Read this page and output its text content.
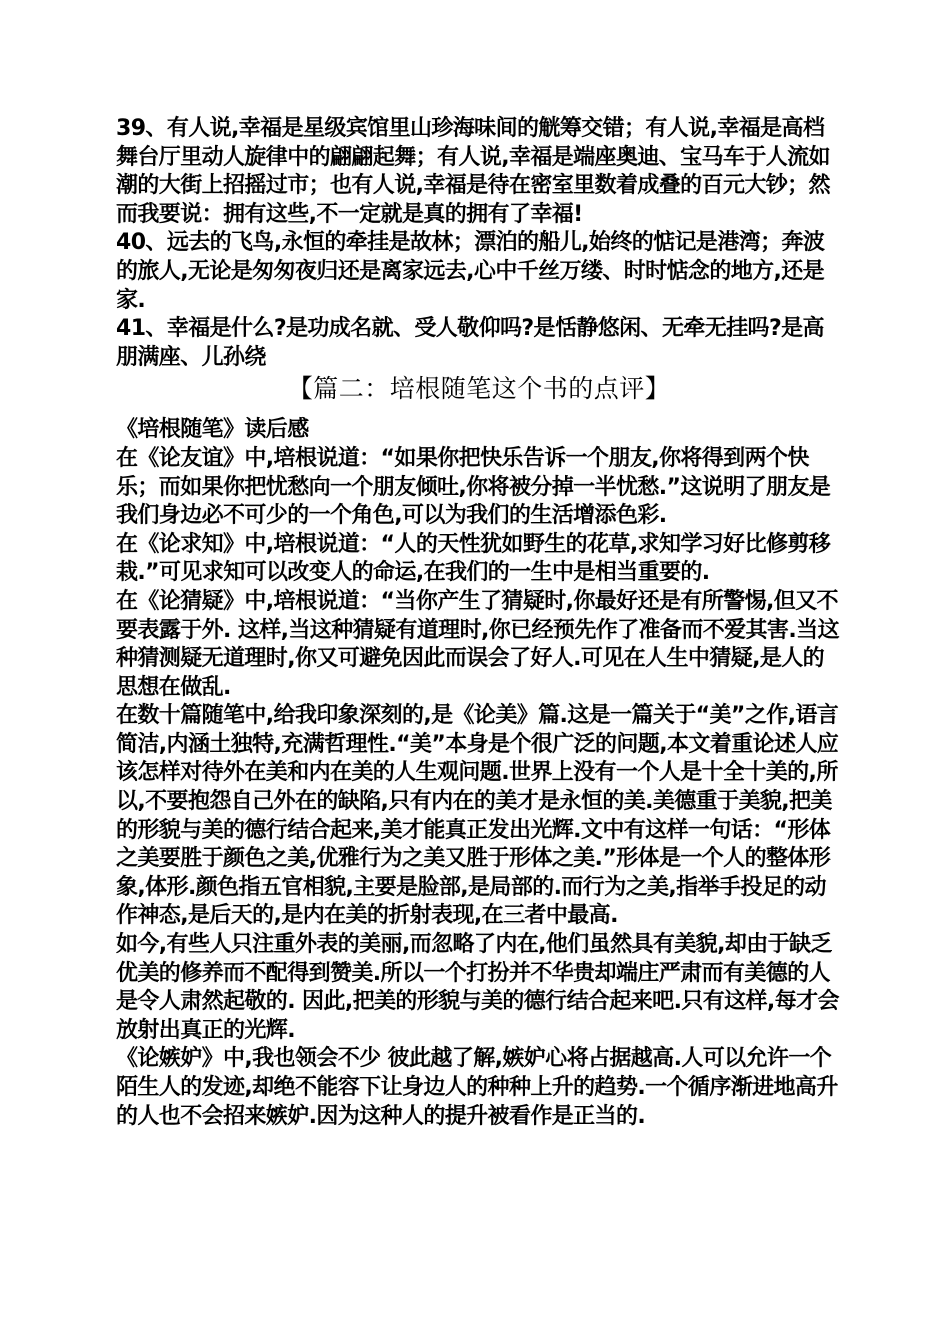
39、有人说,幸福是星级宾馆里山珍海味间的觥筹交错；有人说,幸福是高档舞台厅里动人旋律中的翩翩起舞；有人说,幸福是端座奥迪、宝马车于人流如潮的大街上招摇过市；也有人说,幸福是待在密室里数着成叠的百元大钞；然而我要说：拥有这些,不一定就是真的拥有了幸福!

40、远去的飞鸟,永恒的牵挂是故林；漂泊的船儿,始终的惦记是港湾；奔波的旅人,无论是匆匆夜归还是离家远去,心中千丝万缕、时时惦念的地方,还是家.

41、幸福是什么?是功成名就、受人敬仰吗?是恬静悠闲、无牵无挂吗?是高朋满座、儿孙绕

【篇二：培根随笔这个书的点评】

《培根随笔》读后感

在《论友谊》中,培根说道：“如果你把快乐告诉一个朋友,你将得到两个快乐；而如果你把忧愁向一个朋友倾吐,你将被分掉一半忧愁.”这说明了朋友是我们身边必不可少的一个角色,可以为我们的生活增添色彩.

在《论求知》中,培根说道：“人的天性犹如野生的花草,求知学习好比修剪移栽.”可见求知可以改变人的命运,在我们的一生中是相当重要的.

在《论猜疑》中,培根说道：“当你产生了猜疑时,你最好还是有所警惕,但又不要表露于外. 这样,当这种猜疑有道理时,你已经预先作了准备而不爱其害.当这种猜测疑无道理时,你又可避免因此而误会了好人.可见在人生中猜疑,是人的思想在做乱.

在数十篇随笔中,给我印象深刻的,是《论美》篇.这是一篇关于“美”之作,语言简洁,内涵土独特,充满哲理性.“美”本身是个很广泛的问题,本文着重论述人应该怎样对待外在美和内在美的人生观问题.世界上没有一个人是十全十美的,所以,不要抱怨自己外在的缺陷,只有内在的美才是永恒的美.美德重于美貌,把美的形貌与美的德行结合起来,美才能真正发出光辉.文中有这样一句话：“形体之美要胜于颜色之美,优雅行为之美又胜于形体之美.”形体是一个人的整体形象,体形.颜色指五官相貌,主要是脸部,是局部的.而行为之美,指举手投足的动作神态,是后天的,是内在美的折射表现,在三者中最高.

如今,有些人只注重外表的美丽,而忽略了内在,他们虽然具有美貌,却由于缺乏优美的修养而不配得到赞美.所以一个打扮并不华贵却端庄严肃而有美德的人是令人肃然起敬的. 因此,把美的形貌与美的德行结合起来吧.只有这样,每才会放射出真正的光辉.

《论嫉妒》中,我也领会不少 彼此越了解,嫉妒心将占据越高.人可以允许一个陌生人的发迹,却绝不能容下让身边人的种种上升的趋势.一个循序渐进地高升的人也不会招来嫉妒.因为这种人的提升被看作是正当的.
